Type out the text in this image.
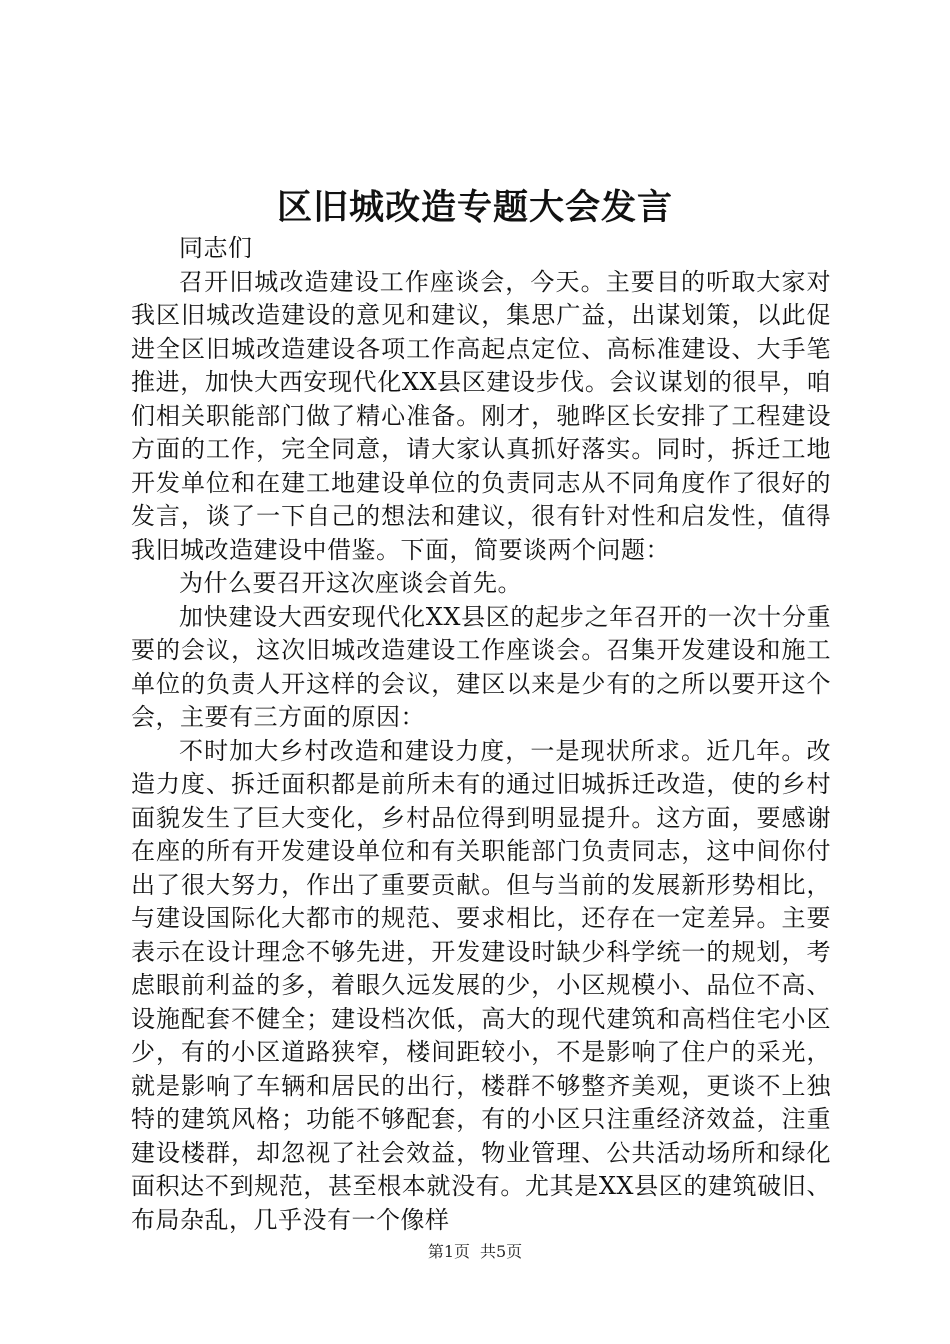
区旧城改造专题大会发言

同志们

召开旧城改造建设工作座谈会，今天。主要目的听取大家对我区旧城改造建设的意见和建议，集思广益，出谋划策，以此促进全区旧城改造建设各项工作高起点定位、高标准建设、大手笔推进，加快大西安现代化XX县区建设步伐。会议谋划的很早，咱们相关职能部门做了精心准备。刚才，驰晔区长安排了工程建设方面的工作，完全同意，请大家认真抓好落实。同时，拆迁工地开发单位和在建工地建设单位的负责同志从不同角度作了很好的发言，谈了一下自己的想法和建议，很有针对性和启发性，值得我旧城改造建设中借鉴。下面，简要谈两个问题：

为什么要召开这次座谈会首先。

加快建设大西安现代化XX县区的起步之年召开的一次十分重要的会议，这次旧城改造建设工作座谈会。召集开发建设和施工单位的负责人开这样的会议，建区以来是少有的之所以要开这个会，主要有三方面的原因：

不时加大乡村改造和建设力度，一是现状所求。近几年。改造力度、拆迁面积都是前所未有的通过旧城拆迁改造，使的乡村面貌发生了巨大变化，乡村品位得到明显提升。这方面，要感谢在座的所有开发建设单位和有关职能部门负责同志，这中间你付出了很大努力，作出了重要贡献。但与当前的发展新形势相比，与建设国际化大都市的规范、要求相比，还存在一定差异。主要表示在设计理念不够先进，开发建设时缺少科学统一的规划，考虑眼前利益的多，着眼久远发展的少，小区规模小、品位不高、设施配套不健全；建设档次低，高大的现代建筑和高档住宅小区少，有的小区道路狭窄，楼间距较小，不是影响了住户的采光，就是影响了车辆和居民的出行，楼群不够整齐美观，更谈不上独特的建筑风格；功能不够配套，有的小区只注重经济效益，注重建设楼群，却忽视了社会效益，物业管理、公共活动场所和绿化面积达不到规范，甚至根本就没有。尤其是XX县区的建筑破旧、布局杂乱，几乎没有一个像样

第1页 共5页
